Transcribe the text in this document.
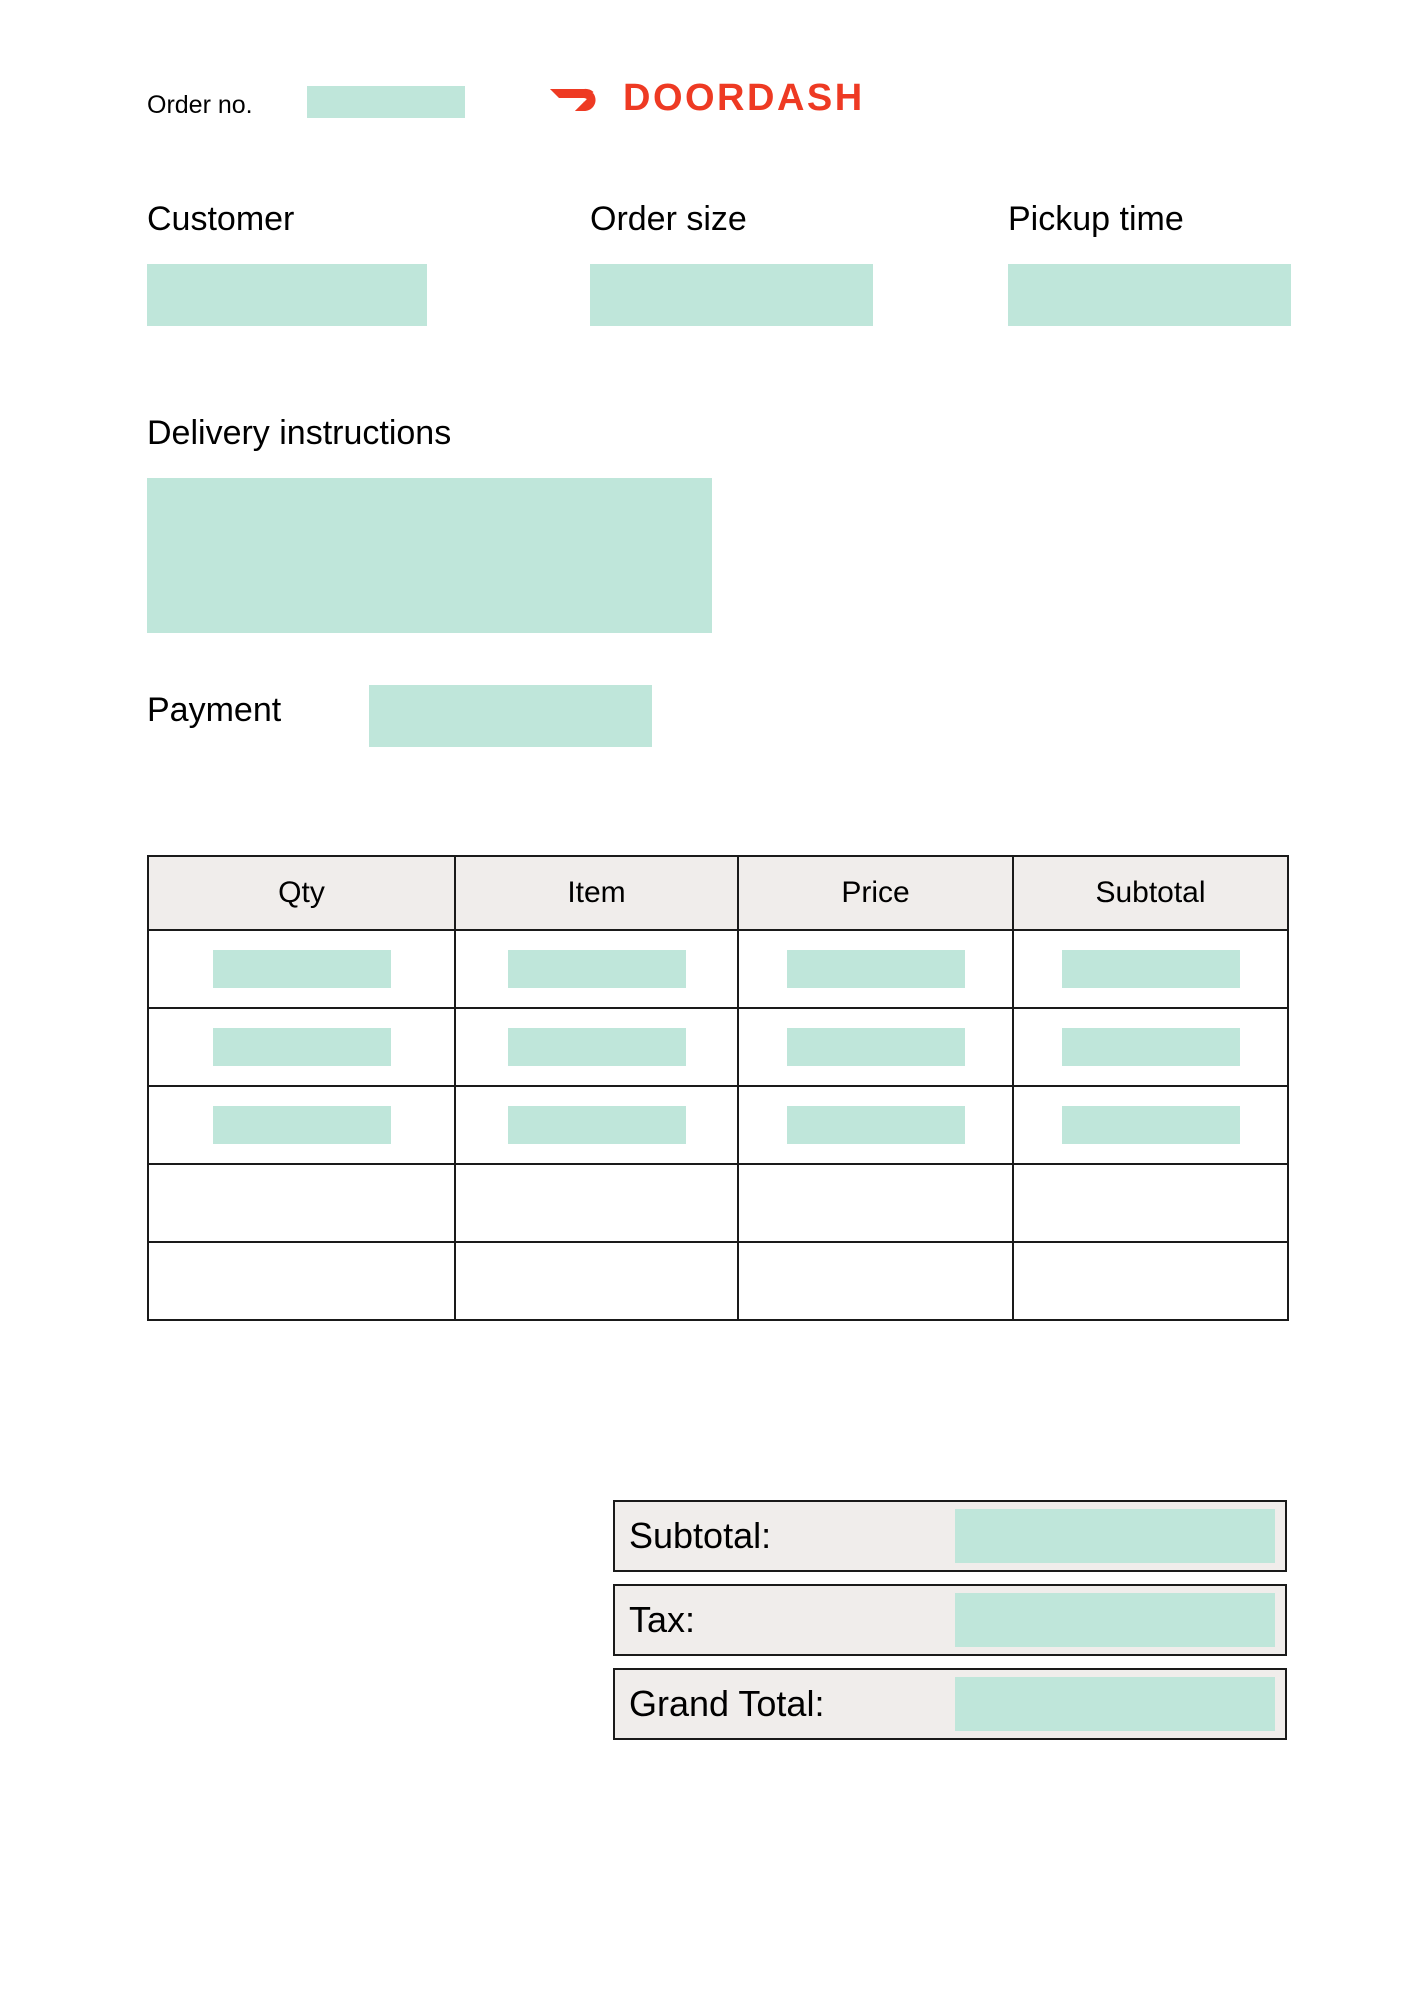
Order no.	DOORDASH
Customer	Order size	Pickup time
Delivery instructions
Payment
Qty	Item	Price	Subtotal

Subtotal:
Tax:
Grand Total:
